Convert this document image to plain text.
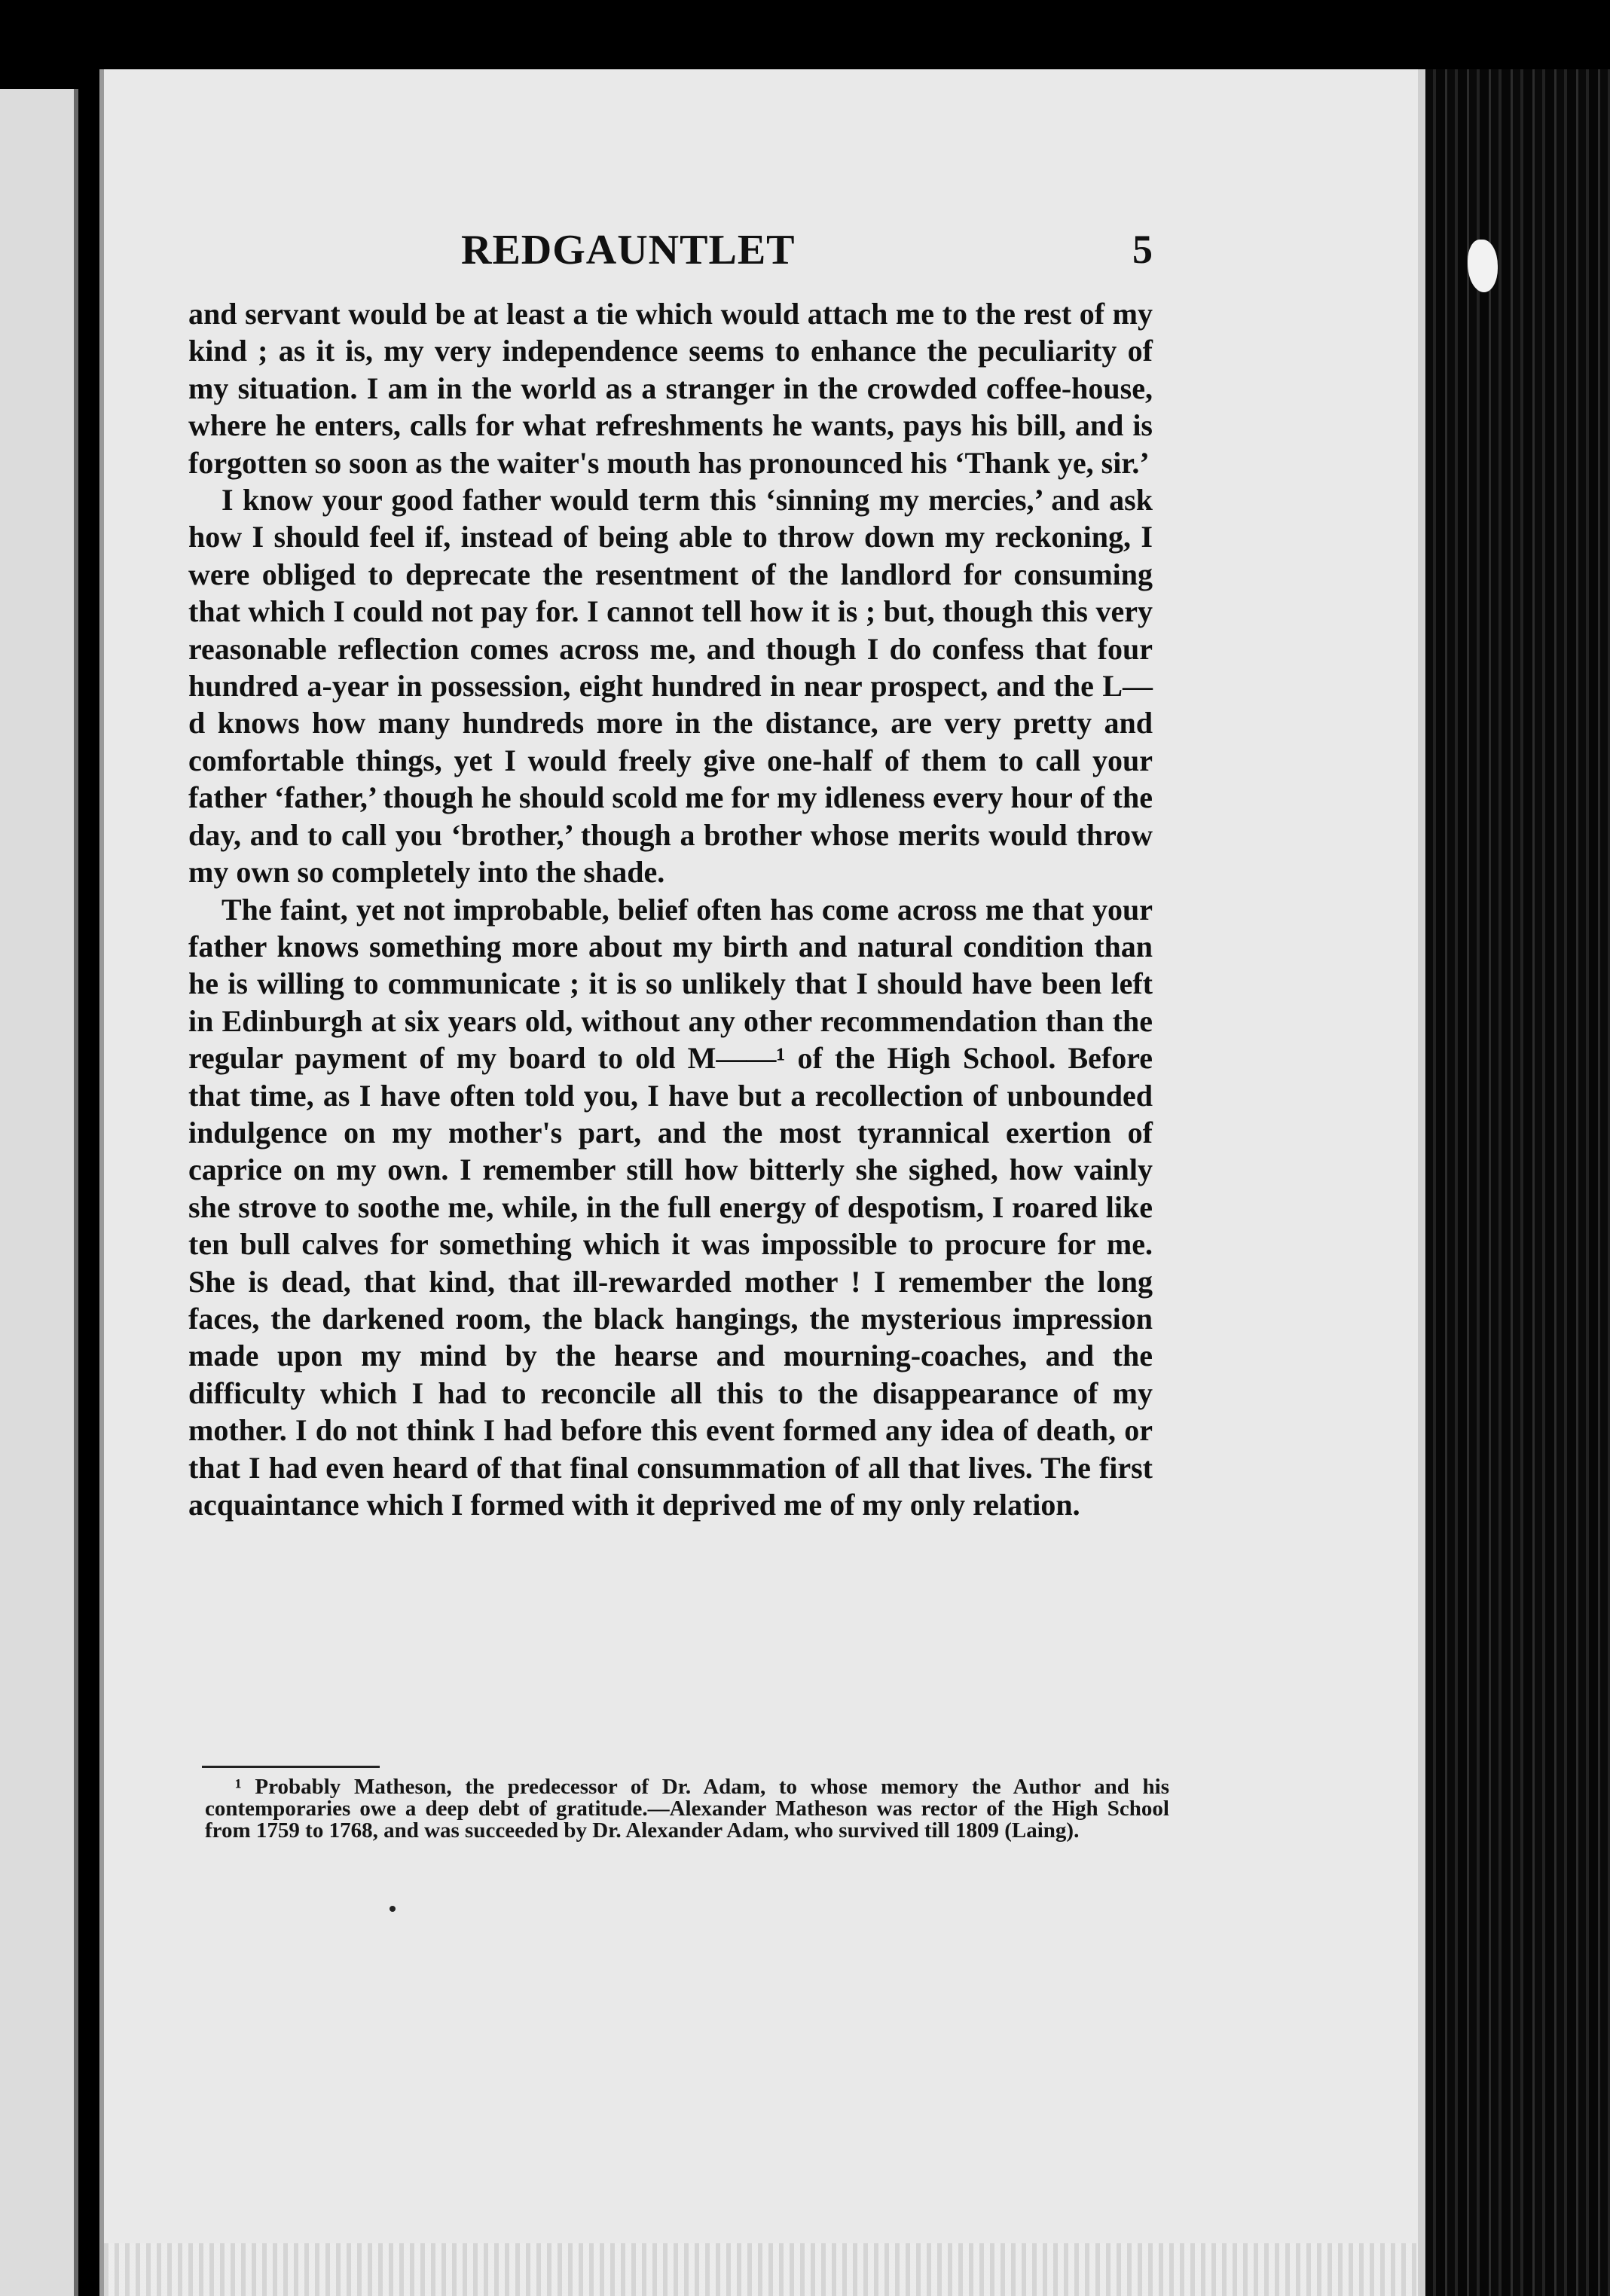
REDGAUNTLET	5

and servant would be at least a tie which would attach me to the rest of my kind ; as it is, my very independence seems to enhance the peculiarity of my situation. I am in the world as a stranger in the crowded coffee-house, where he enters, calls for what refreshments he wants, pays his bill, and is forgotten so soon as the waiter's mouth has pronounced his ‘Thank ye, sir.’

I know your good father would term this ‘sinning my mercies,’ and ask how I should feel if, instead of being able to throw down my reckoning, I were obliged to deprecate the resentment of the landlord for consuming that which I could not pay for. I cannot tell how it is ; but, though this very reasonable reflection comes across me, and though I do confess that four hundred a-year in possession, eight hundred in near prospect, and the L—d knows how many hundreds more in the distance, are very pretty and comfortable things, yet I would freely give one-half of them to call your father ‘father,’ though he should scold me for my idleness every hour of the day, and to call you ‘brother,’ though a brother whose merits would throw my own so completely into the shade.

The faint, yet not improbable, belief often has come across me that your father knows something more about my birth and natural condition than he is willing to communicate ; it is so unlikely that I should have been left in Edinburgh at six years old, without any other recommendation than the regular payment of my board to old M——¹ of the High School. Before that time, as I have often told you, I have but a recollection of unbounded indulgence on my mother's part, and the most tyrannical exertion of caprice on my own. I remember still how bitterly she sighed, how vainly she strove to soothe me, while, in the full energy of despotism, I roared like ten bull calves for something which it was impossible to procure for me. She is dead, that kind, that ill-rewarded mother ! I remember the long faces, the darkened room, the black hangings, the mysterious impression made upon my mind by the hearse and mourning-coaches, and the difficulty which I had to reconcile all this to the disappearance of my mother. I do not think I had before this event formed any idea of death, or that I had even heard of that final consummation of all that lives. The first acquaintance which I formed with it deprived me of my only relation.

¹ Probably Matheson, the predecessor of Dr. Adam, to whose memory the Author and his contemporaries owe a deep debt of gratitude.—Alexander Matheson was rector of the High School from 1759 to 1768, and was succeeded by Dr. Alexander Adam, who survived till 1809 (Laing).
